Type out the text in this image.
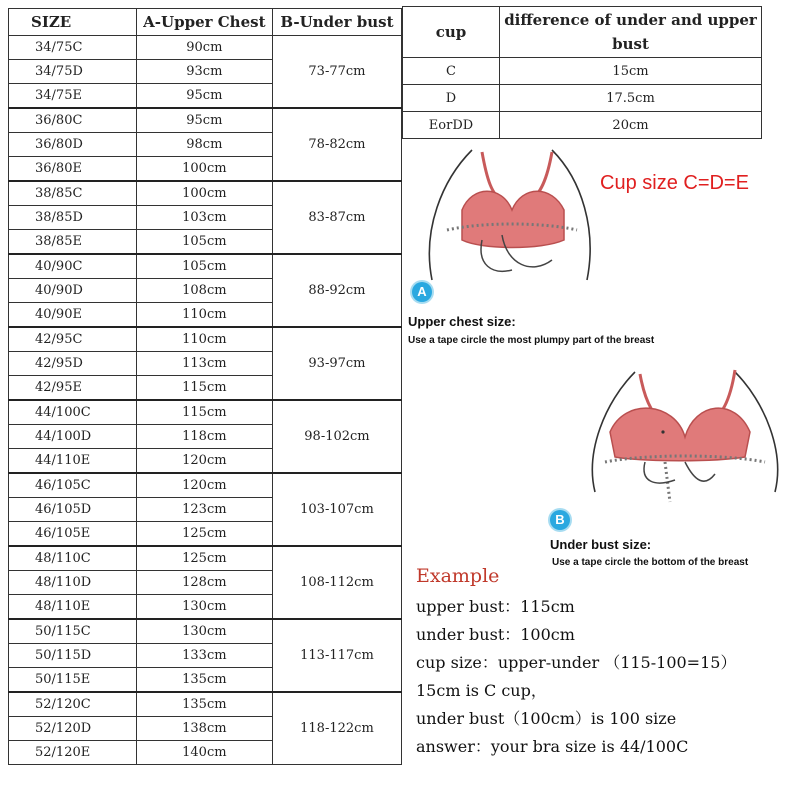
SIZE	A-Upper Chest	B-Under bust
34/75C	90cm	73-77cm
34/75D	93cm	
34/75E	95cm	
36/80C	95cm	78-82cm
36/80D	98cm	
36/80E	100cm	
38/85C	100cm	83-87cm
38/85D	103cm	
38/85E	105cm	
40/90C	105cm	88-92cm
40/90D	108cm	
40/90E	110cm	
42/95C	110cm	93-97cm
42/95D	113cm	
42/95E	115cm	
44/100C	115cm	98-102cm
44/100D	118cm	
44/110E	120cm	
46/105C	120cm	103-107cm
46/105D	123cm	
46/105E	125cm	
48/110C	125cm	108-112cm
48/110D	128cm	
48/110E	130cm	
50/115C	130cm	113-117cm
50/115D	133cm	
50/115E	135cm	
52/120C	135cm	118-122cm
52/120D	138cm	
52/120E	140cm	
cup	difference of under and upper bust
C	15cm
D	17.5cm
EorDD	20cm
Cup size C=D=E
A
Upper chest size:
Use a tape circle the most plumpy part of the breast
B
Under bust size:
Use a tape circle the bottom of the breast
Example
upper bust：115cm
under bust：100cm
cup size：upper-under （115-100=15）
15cm is C cup，
under bust（100cm）is 100 size
answer：your bra size is 44/100C
